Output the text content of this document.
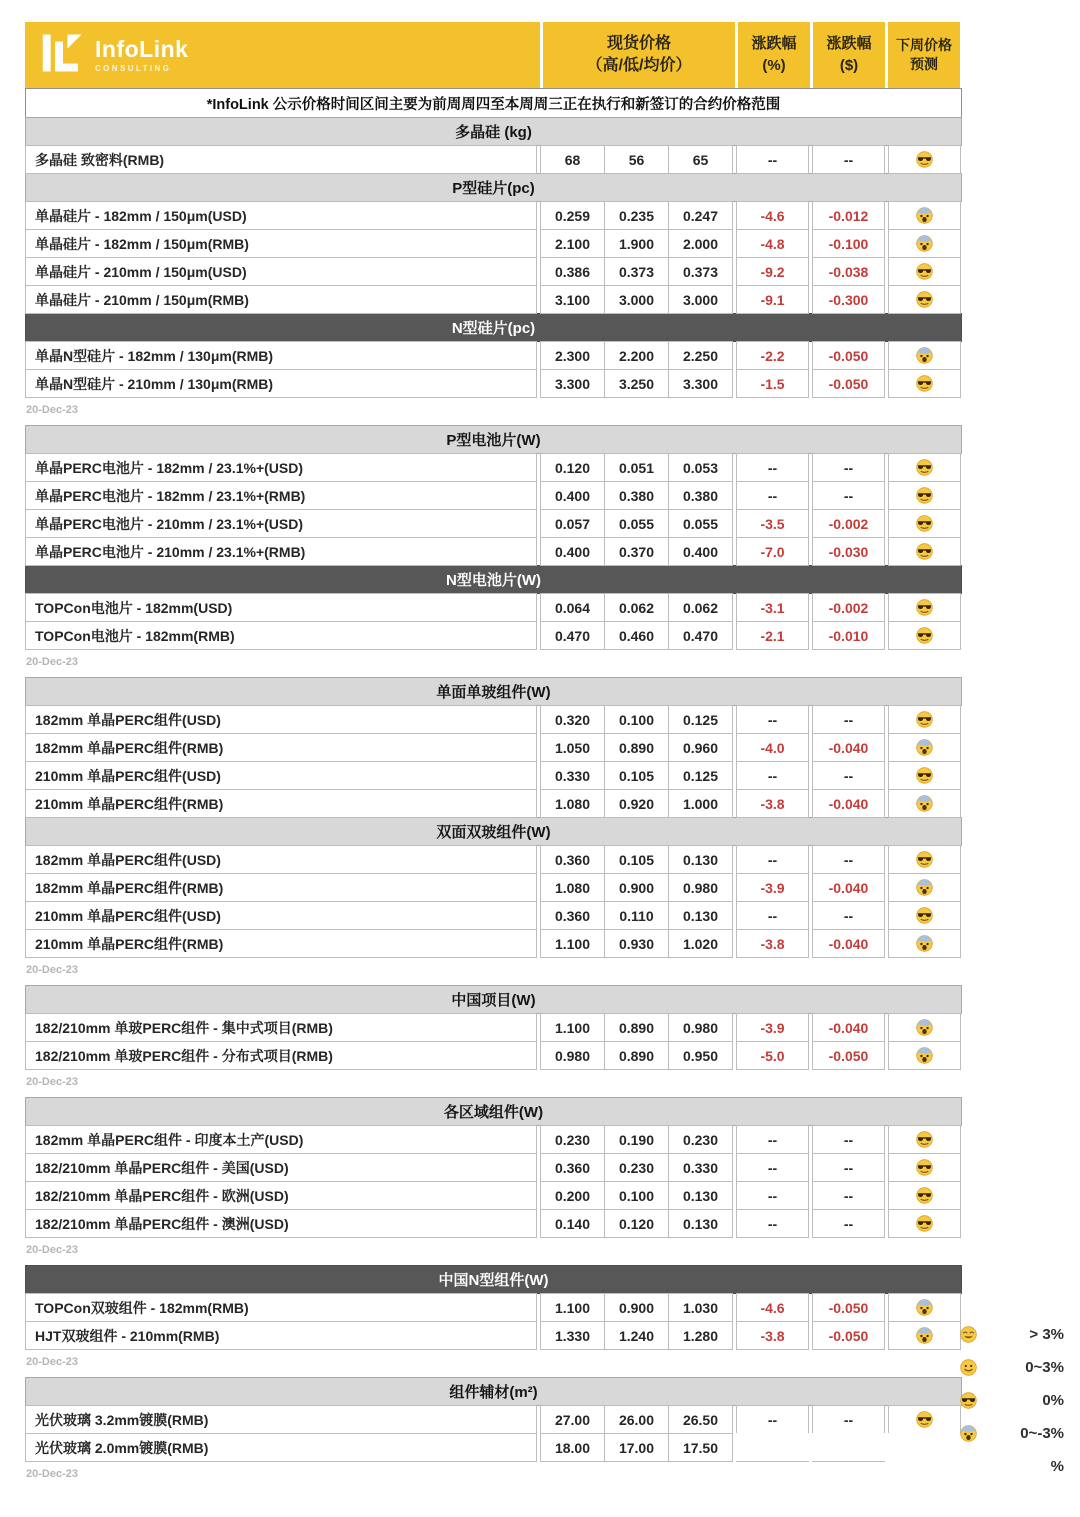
InfoLink
CONSULTING
现货价格
（高/低/均价）
涨跌幅
(%)
涨跌幅
($)
下周价格
预测
*InfoLink 公示价格时间区间主要为前周周四至本周周三正在执行和新签订的合约价格范围
多晶硅 (kg)
多晶硅 致密料(RMB)	68	56	65	--	--
P型硅片(pc)
单晶硅片 - 182mm / 150μm(USD)	0.259	0.235	0.247	-4.6	-0.012
单晶硅片 - 182mm / 150μm(RMB)	2.100	1.900	2.000	-4.8	-0.100
单晶硅片 - 210mm / 150μm(USD)	0.386	0.373	0.373	-9.2	-0.038
单晶硅片 - 210mm / 150μm(RMB)	3.100	3.000	3.000	-9.1	-0.300
N型硅片(pc)
单晶N型硅片 - 182mm / 130μm(RMB)	2.300	2.200	2.250	-2.2	-0.050
单晶N型硅片 - 210mm / 130μm(RMB)	3.300	3.250	3.300	-1.5	-0.050
20-Dec-23
P型电池片(W)
单晶PERC电池片 - 182mm / 23.1%+(USD)	0.120	0.051	0.053	--	--
单晶PERC电池片 - 182mm / 23.1%+(RMB)	0.400	0.380	0.380	--	--
单晶PERC电池片 - 210mm / 23.1%+(USD)	0.057	0.055	0.055	-3.5	-0.002
单晶PERC电池片 - 210mm / 23.1%+(RMB)	0.400	0.370	0.400	-7.0	-0.030
N型电池片(W)
TOPCon电池片 - 182mm(USD)	0.064	0.062	0.062	-3.1	-0.002
TOPCon电池片 - 182mm(RMB)	0.470	0.460	0.470	-2.1	-0.010
20-Dec-23
单面单玻组件(W)
182mm 单晶PERC组件(USD)	0.320	0.100	0.125	--	--
182mm 单晶PERC组件(RMB)	1.050	0.890	0.960	-4.0	-0.040
210mm 单晶PERC组件(USD)	0.330	0.105	0.125	--	--
210mm 单晶PERC组件(RMB)	1.080	0.920	1.000	-3.8	-0.040
双面双玻组件(W)
182mm 单晶PERC组件(USD)	0.360	0.105	0.130	--	--
182mm 单晶PERC组件(RMB)	1.080	0.900	0.980	-3.9	-0.040
210mm 单晶PERC组件(USD)	0.360	0.110	0.130	--	--
210mm 单晶PERC组件(RMB)	1.100	0.930	1.020	-3.8	-0.040
20-Dec-23
中国项目(W)
182/210mm 单玻PERC组件 - 集中式项目(RMB)	1.100	0.890	0.980	-3.9	-0.040
182/210mm 单玻PERC组件 - 分布式项目(RMB)	0.980	0.890	0.950	-5.0	-0.050
20-Dec-23
各区域组件(W)
182mm 单晶PERC组件 - 印度本土产(USD)	0.230	0.190	0.230	--	--
182/210mm 单晶PERC组件 - 美国(USD)	0.360	0.230	0.330	--	--
182/210mm 单晶PERC组件 - 欧洲(USD)	0.200	0.100	0.130	--	--
182/210mm 单晶PERC组件 - 澳洲(USD)	0.140	0.120	0.130	--	--
20-Dec-23
中国N型组件(W)
TOPCon双玻组件 - 182mm(RMB)	1.100	0.900	1.030	-4.6	-0.050
HJT双玻组件 - 210mm(RMB)	1.330	1.240	1.280	-3.8	-0.050
20-Dec-23
组件辅材(m²)
光伏玻璃 3.2mm镀膜(RMB)	27.00	26.00	26.50	--	--
光伏玻璃 2.0mm镀膜(RMB)	18.00	17.00	17.50
20-Dec-23
> 3%
0~3%
0%
0~-3%
%
